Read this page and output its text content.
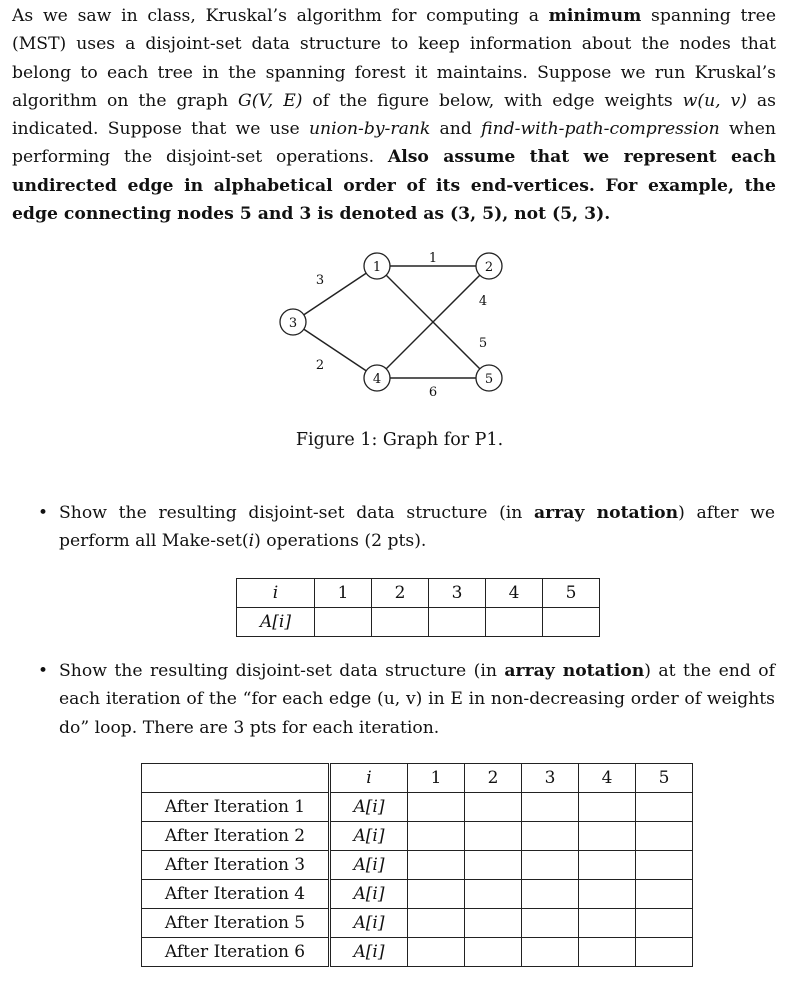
As we saw in class, Kruskal’s algorithm for computing a minimum spanning tree (MST) uses a disjoint-set data structure to keep information about the nodes that belong to each tree in the spanning forest it maintains. Suppose we run Kruskal’s algorithm on the graph G(V, E) of the figure below, with edge weights w(u, v) as indicated. Suppose that we use union-by-rank and find-with-path-compression when performing the disjoint-set operations. Also assume that we represent each undirected edge in alphabetical order of its end-vertices. For example, the edge connecting nodes 5 and 3 is denoted as (3, 5), not (5, 3).
1	2
3
4	5
1
3
4
5
2
6
Figure 1: Graph for P1.
• Show the resulting disjoint-set data structure (in array notation) after we perform all Make-set(i) operations (2 pts).
i	1	2	3	4	5
A[i]					
• Show the resulting disjoint-set data structure (in array notation) at the end of each iteration of the “for each edge (u, v) in E in non-decreasing order of weights do” loop. There are 3 pts for each iteration.
	i	1	2	3	4	5
After Iteration 1	A[i]					
After Iteration 2	A[i]					
After Iteration 3	A[i]					
After Iteration 4	A[i]					
After Iteration 5	A[i]					
After Iteration 6	A[i]					
